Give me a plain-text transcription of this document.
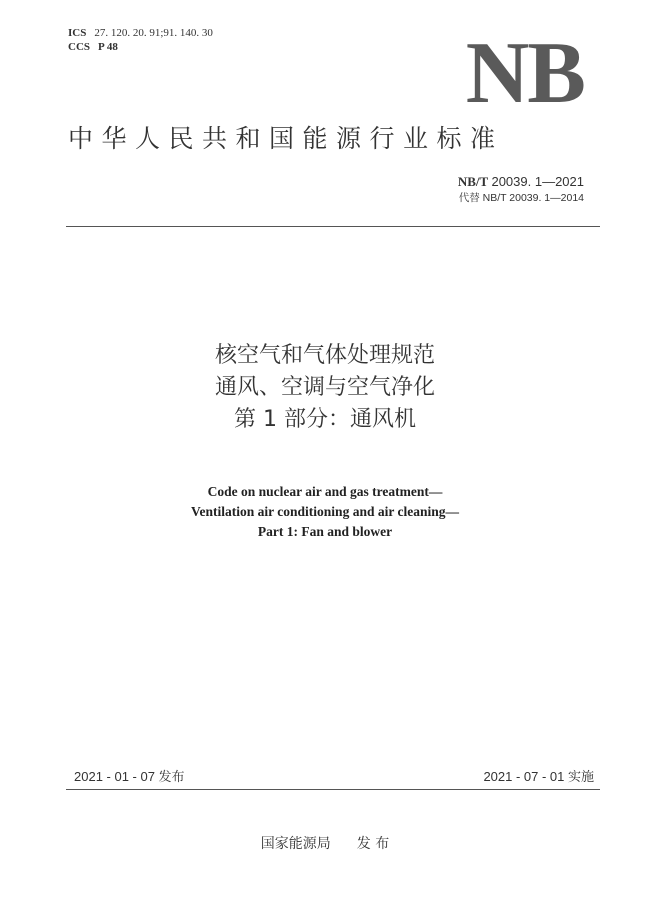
ICS 27. 120. 20. 91;91. 140. 30
CCS P 48	NB
中华人民共和国能源行业标准
NB/T 20039. 1—2021
代替 NB/T 20039. 1—2014
核空气和气体处理规范
通风、空调与空气净化
第 1 部分：通风机
Code on nuclear air and gas treatment—
Ventilation air conditioning and air cleaning—
Part 1: Fan and blower
2021 - 01 - 07 发布	2021 - 07 - 01 实施
国家能源局 发 布
